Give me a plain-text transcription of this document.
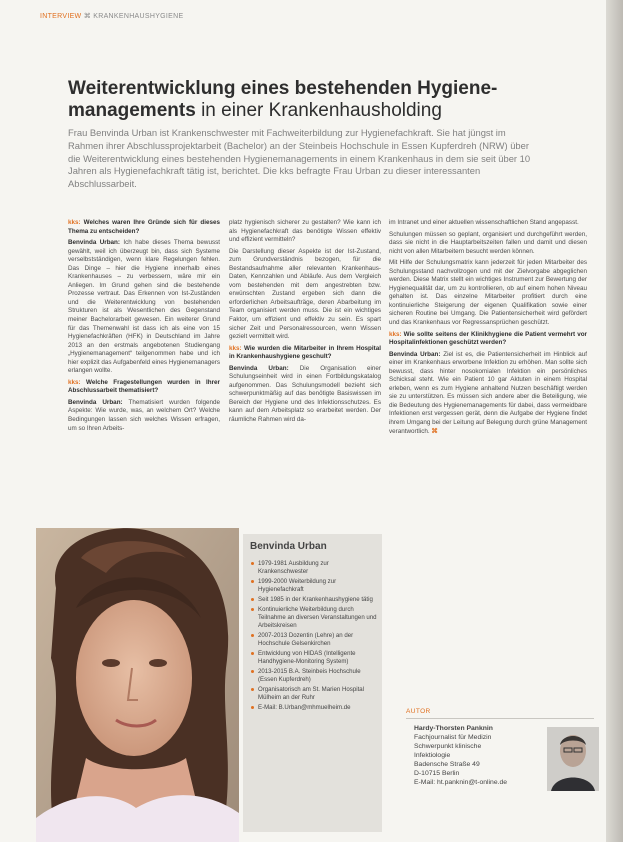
INTERVIEW ⌘ KRANKENHAUSHYGIENE
Weiterentwicklung eines bestehenden Hygiene-managements in einer Krankenhausholding
Frau Benvinda Urban ist Krankenschwester mit Fachweiterbildung zur Hygienefachkraft. Sie hat jüngst im Rahmen ihrer Abschlussprojektarbeit (Bachelor) an der Steinbeis Hochschule in Essen Kupferdreh (NRW) über die Weiterentwicklung eines bestehenden Hygienemanagements in einem Krankenhaus in dem sie seit über 10 Jahren als Hygienefachkraft tätig ist, berichtet. Die kks befragte Frau Urban zu dieser interessanten Abschlussarbeit.

kks: Welches waren Ihre Gründe sich für dieses Thema zu entscheiden?

Benvinda Urban: Ich habe dieses Thema bewusst gewählt, weil ich überzeugt bin, dass sich Systeme verselbstständigen, wenn klare Regelungen fehlen. Das Dinge – hier die Hygiene innerhalb eines Krankenhauses – zu verbessern, wäre mir ein Anliegen. Im Grund gehen sind die bestehende Prozesse vertraut. Das Erkennen von Ist-Zuständen und die Weiterentwicklung von bestehenden Strukturen ist als Wesentlichen des Gegenstand meiner Bachelorarbeit gewesen. Ein weiterer Grund für das Themenwahl ist dass ich als eine von 15 Hygienefachkräften (HFK) in Deutschland im Jahre 2013 an den erstmals angebotenen Studiengang „Hygienemanagement“ teilgenommen habe und ich hier explizit das Aufgabenfeld eines Hygienemanagers erlangen wollte.

kks: Welche Fragestellungen wurden in Ihrer Abschlussarbeit thematisiert?

Benvinda Urban: Thematisiert wurden folgende Aspekte: Wie wurde, was, an welchem Ort? Welche Bedingungen lassen sich welches Wissen erfragen, um so Ihren Arbeits-

platz hygienisch sicherer zu gestalten? Wie kann ich als Hygienefachkraft das benötigte Wissen effektiv und effizient vermitteln?

Die Darstellung dieser Aspekte ist der Ist-Zustand, zum Grundverständnis bezogen, für die Bestandsaufnahme aller relevanten Krankenhaus-Daten, Kennzahlen und Abläufe. Aus dem Vergleich vom bestehenden mit dem angestrebten bzw. erwünschten Zustand ergeben sich dann die erforderlichen Arbeitsaufträge, deren Abarbeitung im Team organisiert werden muss. Die ist ein wichtiges Faktor, um effizient und effektiv zu sein. Es spart sicher Zeit und Personalressourcen, wenn Wissen gezielt vermittelt wird.

kks: Wie wurden die Mitarbeiter in Ihrem Hospital in Krankenhaushygiene geschult?

Benvinda Urban: Die Organisation einer Schulungseinheit wird in einen Fortbildungskatalog aufgenommen. Das Schulungsmodell bezieht sich schwerpunktmäßig auf das benötigte Basiswissen im Bereich der Hygiene und des Infektionsschutzes. Es kann auf dem Arbeitsplatz so erarbeitet werden. Der räumliche Rahmen wird da-

im Intranet und einer aktuellen wissenschaftlichen Stand angepasst.

Schulungen müssen so geplant, organisiert und durchgeführt werden, dass sie nicht in die Hauptarbeitszeiten fallen und damit und diesen nicht von allen Mitarbeitern besucht werden können.

Mit Hilfe der Schulungsmatrix kann jederzeit für jeden Mitarbeiter des Schulungsstand nachvollzogen und mit der Zielvorgabe abgeglichen werden. Diese Matrix stellt ein wichtiges Instrument zur Bewertung der Hygienequalität dar, um zu kontrollieren, ob auf einem hohen Niveau gehalten ist. Das einzelne Mitarbeiter profitiert durch eine kontinuierliche Steigerung der eigenen Qualifikation sowie einer sicheren Routine bei Umgang. Die Patientensicherheit wird gefördert und das Krankenhaus vor Regressansprüchen geschützt.

kks: Wie sollte seitens der Klinikhygiene die Patient vermehrt vor Hospitalinfektionen geschützt werden?

Benvinda Urban: Ziel ist es, die Patientensicherheit im Hinblick auf einer im Krankenhaus erworbene Infektion zu erhöhen. Man sollte sich bewusst, dass hinter nosokomialen Infektion ein persönliches Schicksal steht. Wie ein Patient 10 gar Aktuten in einem Hospital erleben, wenn es zum Hygiene anhaltend Nutzen beschäftigt werden sie zu unterstützen. Es müssen sich andere aber die Beteiligung, wie die Bedeutung des Hygienemanagements für dabei, dass vermeidbare Infektionen erst vergessen gerät, denn die Aufgabe der Hygiene findet ihrem Umgang bei der Leitung auf Belegung durch grüne Management verantwortlich. ⌘

Benvinda Urban
1979-1981 Ausbildung zur Krankenschwester
1999-2000 Weiterbildung zur Hygienefachkraft
Seit 1985 in der Krankenhaushygiene tätig
Kontinuierliche Weiterbildung durch Teilnahme an diversen Veranstaltungen und Arbeitskreisen
2007-2013 Dozentin (Lehre) an der Hochschule Gelsenkirchen
Entwicklung von HIDAS (Intelligente Handhygiene-Monitoring System)
2013-2015 B.A. Steinbeis Hochschule (Essen Kupferdreh)
Organisatorisch am St. Marien Hospital Mülheim an der Ruhr
E-Mail: B.Urban@mhmuelheim.de
AUTOR
Hardy-Thorsten Panknin
Fachjournalist für Medizin
Schwerpunkt klinische
Infektiologie
Badensche Straße 49
D-10715 Berlin
E-Mail: ht.panknin@t-online.de
